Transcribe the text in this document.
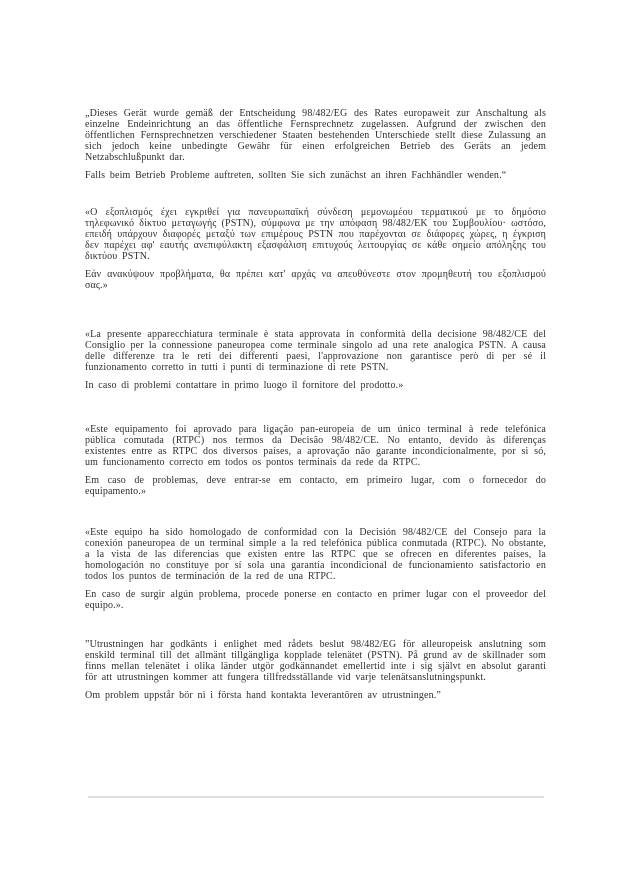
„Dieses Gerät wurde gemäß der Entscheidung 98/482/EG des Rates europaweit zur Anschaltung als einzelne Endeinrichtung an das öffentliche Fernsprechnetz zugelassen. Aufgrund der zwischen den öffentlichen Fernsprechnetzen verschiedener Staaten bestehenden Unterschiede stellt diese Zulassung an sich jedoch keine unbedingte Gewähr für einen erfolgreichen Betrieb des Geräts an jedem Netzabschlußpunkt dar.

Falls beim Betrieb Probleme auftreten, sollten Sie sich zunächst an ihren Fachhändler wenden.“

«Ο εξοπλισμός έχει εγκριθεί για πανευρωπαϊκή σύνδεση μεμονωμέου τερματικού με το δημόσιο τηλεφωνικό δίκτυο μεταγωγής (PSTN), σύμφωνα με την απόφαση 98/482/ΕΚ του Συμβουλίου· ωστόσο, επειδή υπάρχουν διαφορές μεταξύ των επιμέρους PSTN που παρέχονται σε διάφορες χώρες, η έγκριση δεν παρέχει αφ' εαυτής ανεπιφύλακτη εξασφάλιση επιτυχούς λειτουργίας σε κάθε σημείο απόληξης του δικτύου PSTN.

Εάν ανακύψουν προβλήματα, θα πρέπει κατ' αρχάς να απευθύνεστε στον προμηθευτή του εξοπλισμού σας.»

«La presente apparecchiatura terminale è stata approvata in conformità della decisione 98/482/CE del Consiglio per la connessione paneuropea come terminale singolo ad una rete analogica PSTN. A causa delle differenze tra le reti dei differenti paesi, l'approvazione non garantisce però di per sé il funzionamento corretto in tutti i punti di terminazione di rete PSTN.

In caso di problemi contattare in primo luogo il fornitore del prodotto.»

«Este equipamento foi aprovado para ligação pan-europeia de um único terminal à rede telefónica pública comutada (RTPC) nos termos da Decisão 98/482/CE. No entanto, devido às diferenças existentes entre as RTPC dos diversos países, a aprovação não garante incondicionalmente, por si só, um funcionamento correcto em todos os pontos terminais da rede da RTPC.

Em caso de problemas, deve entrar-se em contacto, em primeiro lugar, com o fornecedor do equipamento.»

«Este equipo ha sido homologado de conformidad con la Decisión 98/482/CE del Consejo para la conexión paneuropea de un terminal simple a la red telefónica pública conmutada (RTPC). No obstante, a la vista de las diferencias que existen entre las RTPC que se ofrecen en diferentes países, la homologación no constituye por sí sola una garantía incondicional de funcionamiento satisfactorio en todos los puntos de terminación de la red de una RTPC.

En caso de surgir algún problema, procede ponerse en contacto en primer lugar con el proveedor del equipo.».

”Utrustningen har godkänts i enlighet med rådets beslut 98/482/EG för alleuropeisk anslutning som enskild terminal till det allmänt tillgängliga kopplade telenätet (PSTN). På grund av de skillnader som finns mellan telenätet i olika länder utgör godkännandet emellertid inte i sig självt en absolut garanti för att utrustningen kommer att fungera tillfredsställande vid varje telenätsanslutningspunkt.

Om problem uppstår bör ni i första hand kontakta leverantören av utrustningen.”
